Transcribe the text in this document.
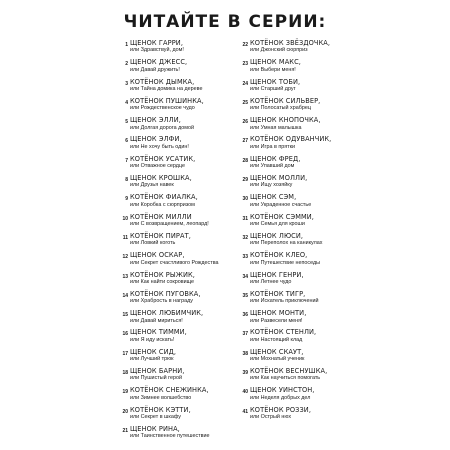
ЧИТАЙТЕ В СЕРИИ:
1 ЩЕНОК ГАРРИ,
или Здравствуй, дом!
2 ЩЕНОК ДЖЕСС,
или Давай дружить!
3 КОТЁНОК ДЫМКА,
или Тайна домика на дереве
4 КОТЁНОК ПУШИНКА,
или Рождественское чудо
5 ЩЕНОК ЭЛЛИ,
или Долгая дорога домой
6 ЩЕНОК ЭЛФИ,
или Не хочу быть один!
7 КОТЁНОК УСАТИК,
или Отважное сердце
8 ЩЕНОК КРОШКА,
или Друзья навек
9 КОТЁНОК ФИАЛКА,
или Коробка с сюрпризом
10 КОТЁНОК МИЛЛИ
или С возвращением, леопард!
11 КОТЁНОК ПИРАТ,
или Ловкий коготь
12 ЩЕНОК ОСКАР,
или Секрет счастливого Рождества
13 КОТЁНОК РЫЖИК,
или Как найти сокровище
14 КОТЁНОК ПУГОВКА,
или Храбрость в награду
15 ЩЕНОК ЛЮБИМЧИК,
или Давай мириться!
16 ЩЕНОК ТИММИ,
или Я иду искать!
17 ЩЕНОК СИД,
или Лучший трюк
18 ЩЕНОК БАРНИ,
или Пушистый герой
19 КОТЁНОК СНЕЖИНКА,
или Зимнее волшебство
20 КОТЁНОК КЭТТИ,
или Секрет в шкафу
21 ЩЕНОК РИНА,
или Таинственное путешествие
22 КОТЁНОК ЗВЁЗДОЧКА,
или Джонский сюрприз
23 ЩЕНОК МАКС,
или Выбери меня!
24 ЩЕНОК ТОБИ,
или Старший друг
25 КОТЁНОК СИЛЬВЕР,
или Полосатый храбрец
26 ЩЕНОК КНОПОЧКА,
или Умная малышка
27 КОТЁНОК ОДУВАНЧИК,
или Игра в прятки
28 ЩЕНОК ФРЕД,
или Упавший дом
29 ЩЕНОК МОЛЛИ,
или Ищу хозяйку
30 ЩЕНОК СЭМ,
или Украденное счастье
31 КОТЁНОК СЭММИ,
или Семья для кроши
32 ЩЕНОК ЛЮСИ,
или Переполох на каникулах
33 КОТЁНОК КЛЕО,
или Путешествие непоседы
34 ЩЕНОК ГЕНРИ,
или Летнее чудо
35 КОТЁНОК ТИГР,
или Искатель приключений
36 ЩЕНОК МОНТИ,
или Развесели меня!
37 КОТЁНОК СТЕНЛИ,
или Настоящий клад
38 ЩЕНОК СКАУТ,
или Мохнатый ученик
39 КОТЁНОК ВЕСНУШКА,
или Как научиться помогать
40 ЩЕНОК УИНСТОН,
или Неделя добрых дел
41 КОТЁНОК РОЗЗИ,
или Острый нюх
